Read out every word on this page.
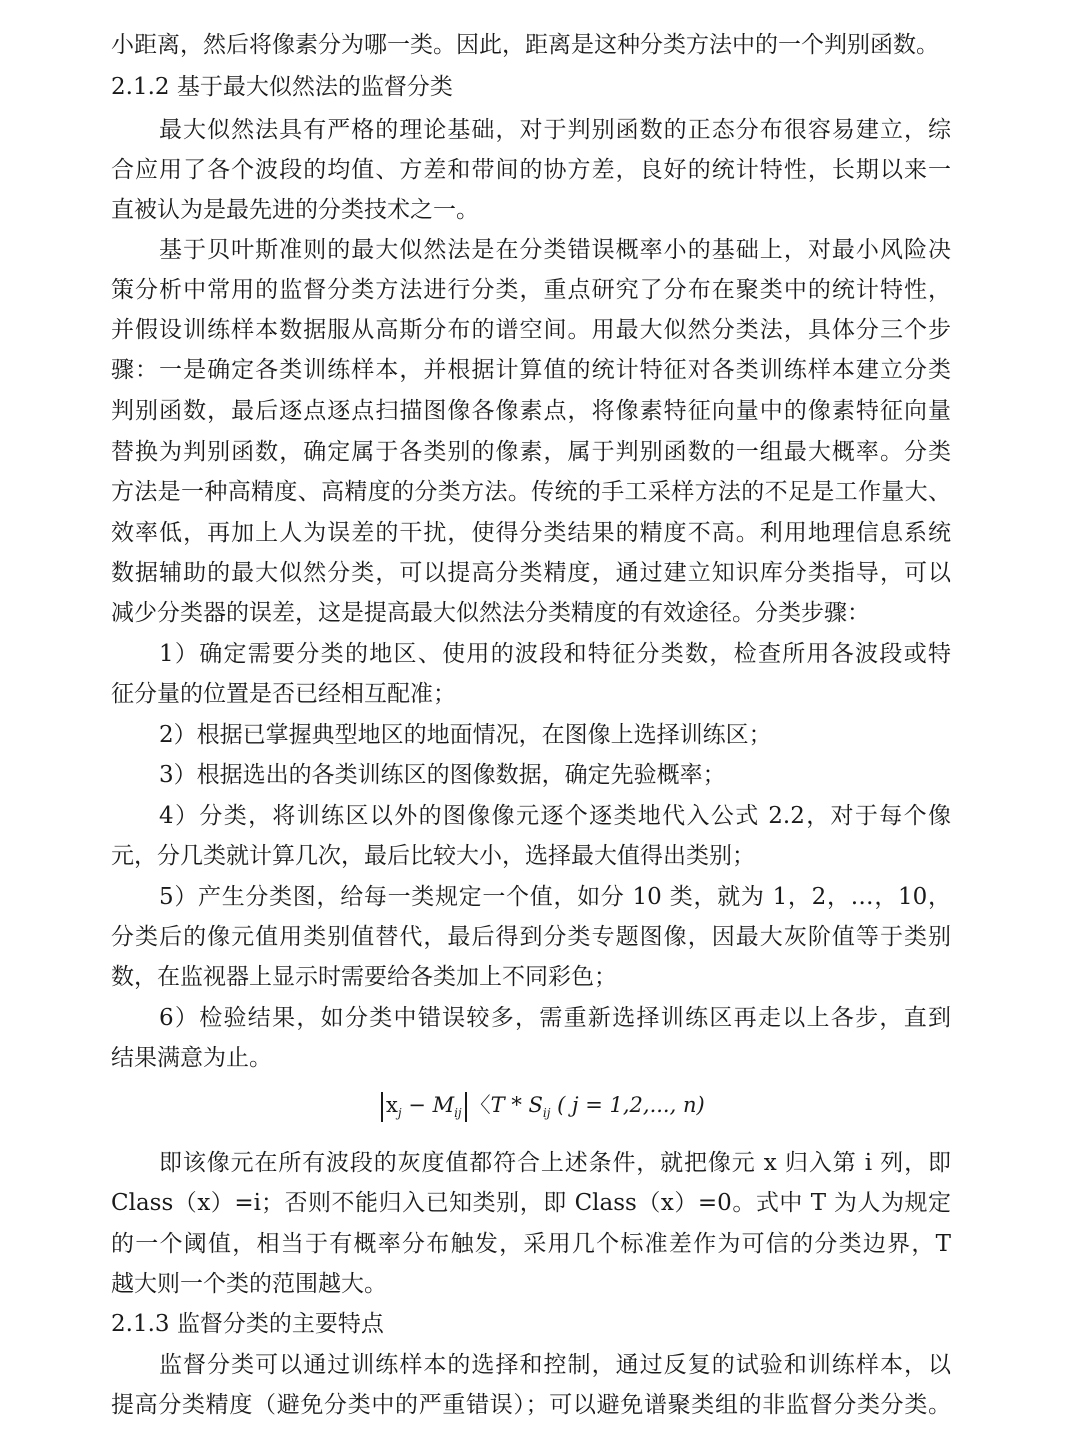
小距离，然后将像素分为哪一类。因此，距离是这种分类方法中的一个判别函数。
2.1.2 基于最大似然法的监督分类
最大似然法具有严格的理论基础，对于判别函数的正态分布很容易建立，综
合应用了各个波段的均值、方差和带间的协方差，良好的统计特性，长期以来一
直被认为是最先进的分类技术之一。
基于贝叶斯准则的最大似然法是在分类错误概率小的基础上，对最小风险决
策分析中常用的监督分类方法进行分类，重点研究了分布在聚类中的统计特性，
并假设训练样本数据服从高斯分布的谱空间。用最大似然分类法，具体分三个步
骤：一是确定各类训练样本，并根据计算值的统计特征对各类训练样本建立分类
判别函数，最后逐点逐点扫描图像各像素点，将像素特征向量中的像素特征向量
替换为判别函数，确定属于各类别的像素，属于判别函数的一组最大概率。分类
方法是一种高精度、高精度的分类方法。传统的手工采样方法的不足是工作量大、
效率低，再加上人为误差的干扰，使得分类结果的精度不高。利用地理信息系统
数据辅助的最大似然分类，可以提高分类精度，通过建立知识库分类指导，可以
减少分类器的误差，这是提高最大似然法分类精度的有效途径。分类步骤：
1）确定需要分类的地区、使用的波段和特征分类数，检查所用各波段或特
征分量的位置是否已经相互配准；
2）根据已掌握典型地区的地面情况，在图像上选择训练区；
3）根据选出的各类训练区的图像数据，确定先验概率；
4）分类，将训练区以外的图像像元逐个逐类地代入公式 2.2，对于每个像
元，分几类就计算几次，最后比较大小，选择最大值得出类别；
5）产生分类图，给每一类规定一个值，如分 10 类，就为 1，2，…，10，
分类后的像元值用类别值替代，最后得到分类专题图像，因最大灰阶值等于类别
数，在监视器上显示时需要给各类加上不同彩色；
6）检验结果，如分类中错误较多，需重新选择训练区再走以上各步，直到
结果满意为止。
$x_j - M_{ij}$ 〈T * $S_{ij}$ ( j = 1,2,..., n)
即该像元在所有波段的灰度值都符合上述条件，就把像元 x 归入第 i 列，即
Class（x）=i；否则不能归入已知类别，即 Class（x）=0。式中 T 为人为规定
的一个阈值，相当于有概率分布触发，采用几个标准差作为可信的分类边界，T
越大则一个类的范围越大。
2.1.3 监督分类的主要特点
监督分类可以通过训练样本的选择和控制，通过反复的试验和训练样本，以
提高分类精度（避免分类中的严重错误）；可以避免谱聚类组的非监督分类分类。
